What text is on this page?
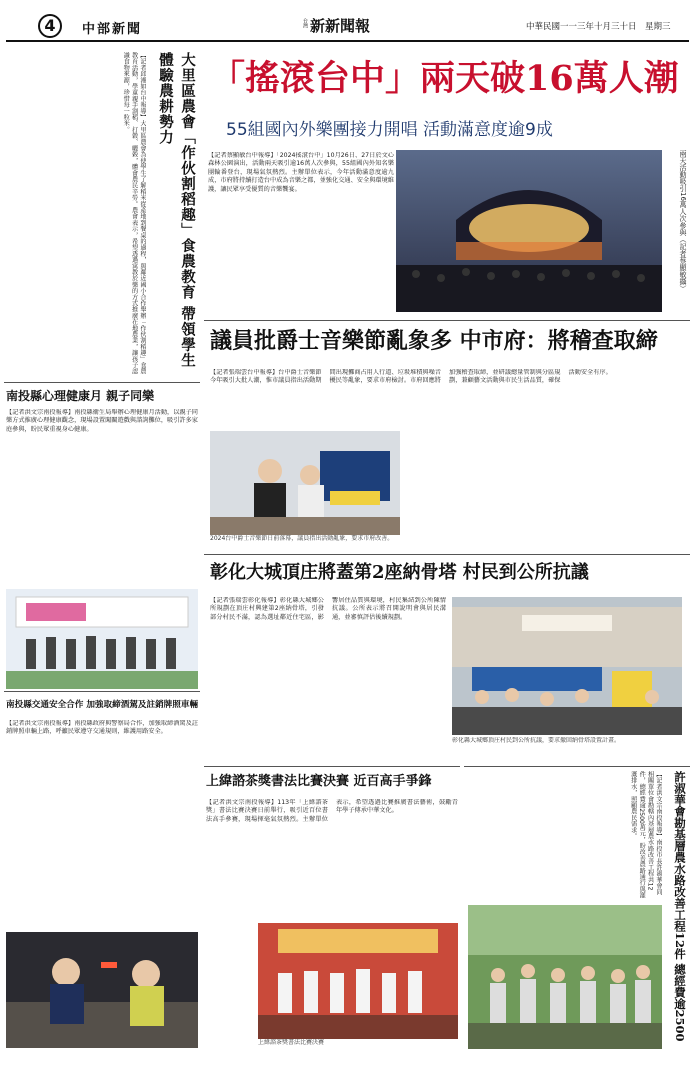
4	中部新聞	台灣 新新聞報	中華民國一一三年十月三十日　星期三
大里區農會「作伙割稻趣」食農教育 帶領學生體驗農耕勢力
【記者邱湘如台中報導】大里區農會為使學生了解稻米從產地到餐桌的過程，與鄰近國小合作舉辦「作伙割稻趣」食農教育活動，學童親手割稻、打穀、曬穀，體會農民辛勞。農會表示，希望透過寓教於樂的方式推廣在地農業，讓孩子認識食物來源，珍惜每一粒米。	「搖滾台中」兩天破16萬人潮
55組國內外樂團接力開唱 活動滿意度逾9成
【記者蔡顯敏台中報導】「2024搖滾台中」10月26日、27日於文心森林公園演出，活動兩天吸引逾16萬人次參與，55組國內外知名樂團輪番登台，現場氣氛熱烈。主辦單位表示，今年活動滿意度逾九成，市府將持續打造台中成為音樂之都，並強化交通、安全與環境維護，讓民眾享受優質的音樂饗宴。	兩天活動吸引16萬人次參與（記者蔡顯敏攝）
議員批爵士音樂節亂象多 中市府：將稽查取締
【記者張瑞雲台中報導】台中爵士音樂節今年吸引大批人潮，惟市議員指出活動期間出現攤商占用人行道、垃圾堆積與噪音擾民等亂象，要求市府檢討。市府回應將加強稽查取締，並研議總量管制與分區規劃，兼顧藝文活動與市民生活品質，確保活動安全有序。
2024台中爵士音樂節日前落幕，議員指出活動亂象，要求市府改善。
南投縣心理健康月 親子同樂
【記者洪文宗南投報導】南投縣衛生局舉辦心理健康月活動，以親子同樂方式推廣心理健康觀念，現場設置闖關遊戲與諮詢攤位，吸引許多家庭參與，盼民眾重視身心健康。
南投縣交通安全合作 加強取締酒駕及註銷牌照車輛
【記者洪文宗南投報導】南投縣政府與警察局合作，加強取締酒駕及註銷牌照車輛上路，呼籲民眾遵守交通規則，維護用路安全。
彰化大城頂庄將蓋第2座納骨塔 村民到公所抗議
【記者張瑞雲彰化報導】彰化縣大城鄉公所規劃在頂庄村興建第2座納骨塔，引發部分村民不滿，認為選址鄰近住宅區，影響居住品質與環境，村民集結到公所陳情抗議。公所表示將召開說明會與居民溝通，並審慎評估後續規劃。
彰化縣大城鄉頂庄村民到公所抗議，要求撤回納骨塔設置計畫。
上緯諮茶獎書法比賽決賽 近百高手爭鋒
【記者洪文宗南投報導】113年「上緯諮茶獎」書法比賽決賽日前舉行，吸引近百位書法高手參賽，現場揮毫氣氛熱烈。主辦單位表示，希望透過比賽推廣書法藝術，鼓勵青年學子傳承中華文化。
上緯諮茶獎書法比賽決賽
許淑華會勘基層農水路改善工程12件 總經費逾2500
【記者洪文宗南投報導】南投市長許淑華會同相關單位會勘轄內基層農水路改善工程共12件，總經費逾2500萬元，盼改善農路通行與灌溉排水，照顧農民需求。
